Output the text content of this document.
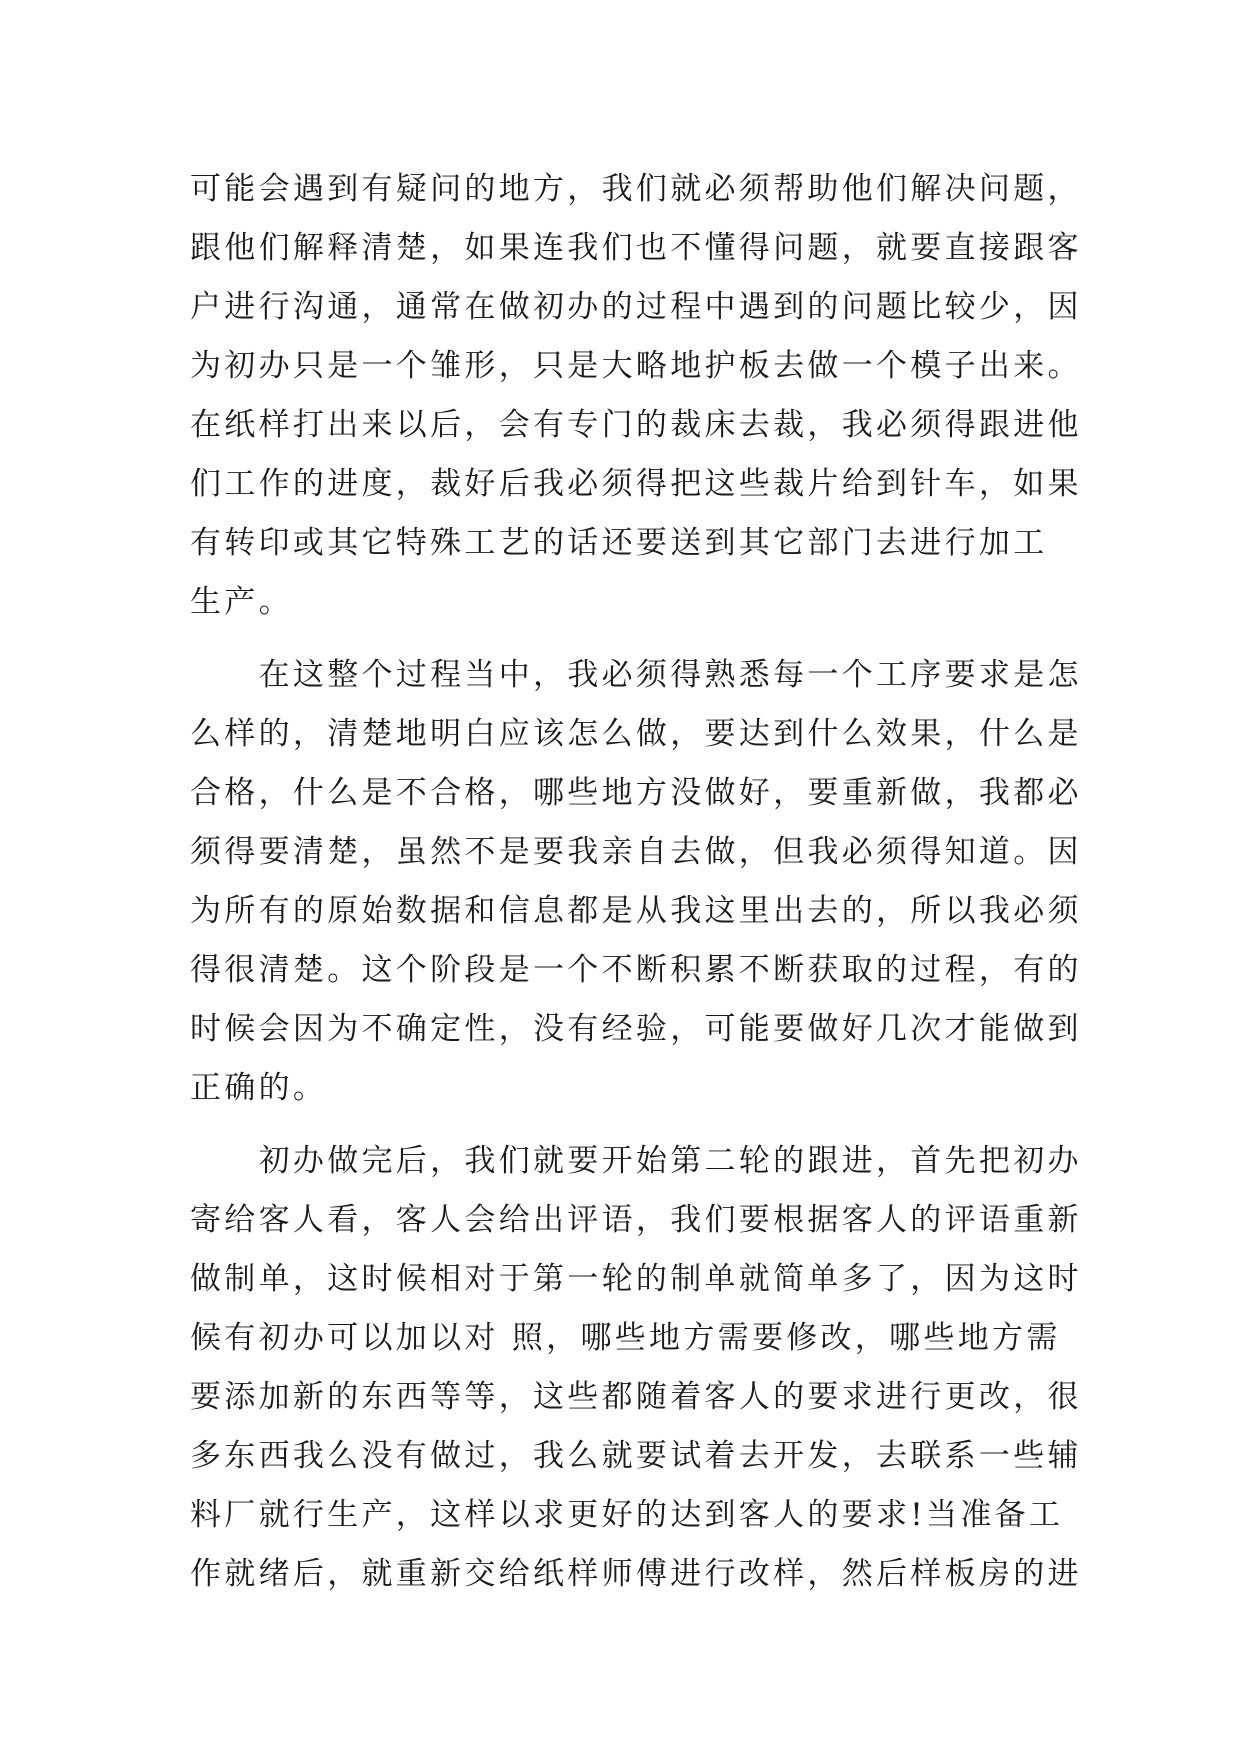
可能会遇到有疑问的地方，我们就必须帮助他们解决问题，
跟他们解释清楚，如果连我们也不懂得问题，就要直接跟客
户进行沟通，通常在做初办的过程中遇到的问题比较少，因
为初办只是一个雏形，只是大略地护板去做一个模子出来。
在纸样打出来以后，会有专门的裁床去裁，我必须得跟进他
们工作的进度，裁好后我必须得把这些裁片给到针车，如果
有转印或其它特殊工艺的话还要送到其它部门去进行加工
生产。
　　在这整个过程当中，我必须得熟悉每一个工序要求是怎
么样的，清楚地明白应该怎么做，要达到什么效果，什么是
合格，什么是不合格，哪些地方没做好，要重新做，我都必
须得要清楚，虽然不是要我亲自去做，但我必须得知道。因
为所有的原始数据和信息都是从我这里出去的，所以我必须
得很清楚。这个阶段是一个不断积累不断获取的过程，有的
时候会因为不确定性，没有经验，可能要做好几次才能做到
正确的。
　　初办做完后，我们就要开始第二轮的跟进，首先把初办
寄给客人看，客人会给出评语，我们要根据客人的评语重新
做制单，这时候相对于第一轮的制单就简单多了，因为这时
候有初办可以加以对 照，哪些地方需要修改，哪些地方需
要添加新的东西等等，这些都随着客人的要求进行更改，很
多东西我么没有做过，我么就要试着去开发，去联系一些辅
料厂就行生产，这样以求更好的达到客人的要求!当准备工
作就绪后，就重新交给纸样师傅进行改样，然后样板房的进
